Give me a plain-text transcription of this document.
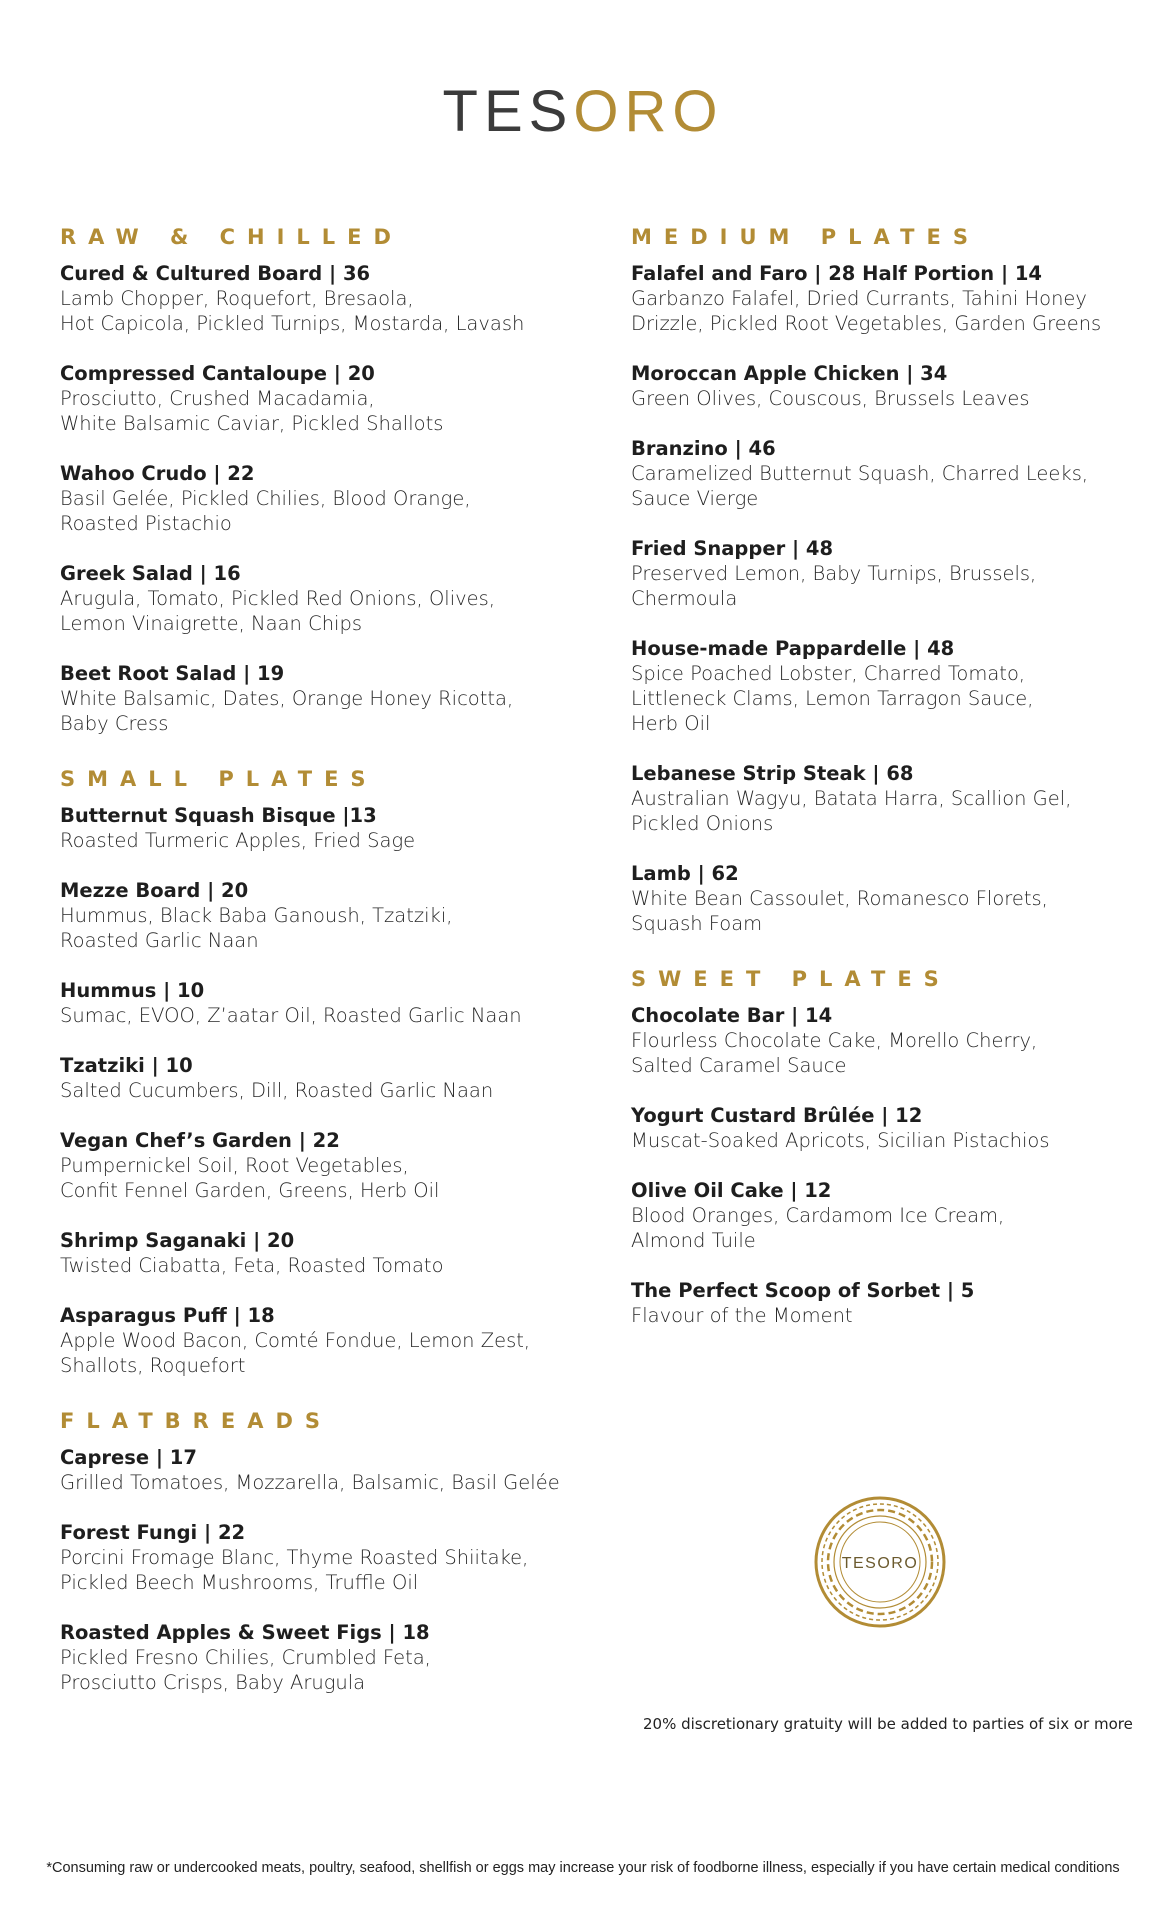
TESORO
RAW & CHILLED
Cured & Cultured Board | 36
Lamb Chopper, Roquefort, Bresaola,
Hot Capicola, Pickled Turnips, Mostarda, Lavash
Compressed Cantaloupe | 20
Prosciutto, Crushed Macadamia,
White Balsamic Caviar, Pickled Shallots
Wahoo Crudo | 22
Basil Gelée, Pickled Chilies, Blood Orange,
Roasted Pistachio
Greek Salad | 16
Arugula, Tomato, Pickled Red Onions, Olives,
Lemon Vinaigrette, Naan Chips
Beet Root Salad | 19
White Balsamic, Dates, Orange Honey Ricotta,
Baby Cress
SMALL PLATES
Butternut Squash Bisque |13
Roasted Turmeric Apples, Fried Sage
Mezze Board | 20
Hummus, Black Baba Ganoush, Tzatziki,
Roasted Garlic Naan
Hummus | 10
Sumac, EVOO, Z’aatar Oil, Roasted Garlic Naan
Tzatziki | 10
Salted Cucumbers, Dill, Roasted Garlic Naan
Vegan Chef’s Garden | 22
Pumpernickel Soil, Root Vegetables,
Confit Fennel Garden, Greens, Herb Oil
Shrimp Saganaki | 20
Twisted Ciabatta, Feta, Roasted Tomato
Asparagus Puff | 18
Apple Wood Bacon, Comté Fondue, Lemon Zest,
Shallots, Roquefort
FLATBREADS
Caprese | 17
Grilled Tomatoes, Mozzarella, Balsamic, Basil Gelée
Forest Fungi | 22
Porcini Fromage Blanc, Thyme Roasted Shiitake,
Pickled Beech Mushrooms, Truffle Oil
Roasted Apples & Sweet Figs | 18
Pickled Fresno Chilies, Crumbled Feta,
Prosciutto Crisps, Baby Arugula
MEDIUM PLATES
Falafel and Faro | 28 Half Portion | 14
Garbanzo Falafel, Dried Currants, Tahini Honey
Drizzle, Pickled Root Vegetables, Garden Greens
Moroccan Apple Chicken | 34
Green Olives, Couscous, Brussels Leaves
Branzino | 46
Caramelized Butternut Squash, Charred Leeks,
Sauce Vierge
Fried Snapper | 48
Preserved Lemon, Baby Turnips, Brussels,
Chermoula
House-made Pappardelle | 48
Spice Poached Lobster, Charred Tomato,
Littleneck Clams, Lemon Tarragon Sauce,
Herb Oil
Lebanese Strip Steak | 68
Australian Wagyu, Batata Harra, Scallion Gel,
Pickled Onions
Lamb | 62
White Bean Cassoulet, Romanesco Florets,
Squash Foam
SWEET PLATES
Chocolate Bar | 14
Flourless Chocolate Cake, Morello Cherry,
Salted Caramel Sauce
Yogurt Custard Brûlée | 12
Muscat-Soaked Apricots, Sicilian Pistachios
Olive Oil Cake | 12
Blood Oranges, Cardamom Ice Cream,
Almond Tuile
The Perfect Scoop of Sorbet | 5
Flavour of the Moment
TESORO
20% discretionary gratuity will be added to parties of six or more
*Consuming raw or undercooked meats, poultry, seafood, shellfish or eggs may increase your risk of foodborne illness, especially if you have certain medical conditions
